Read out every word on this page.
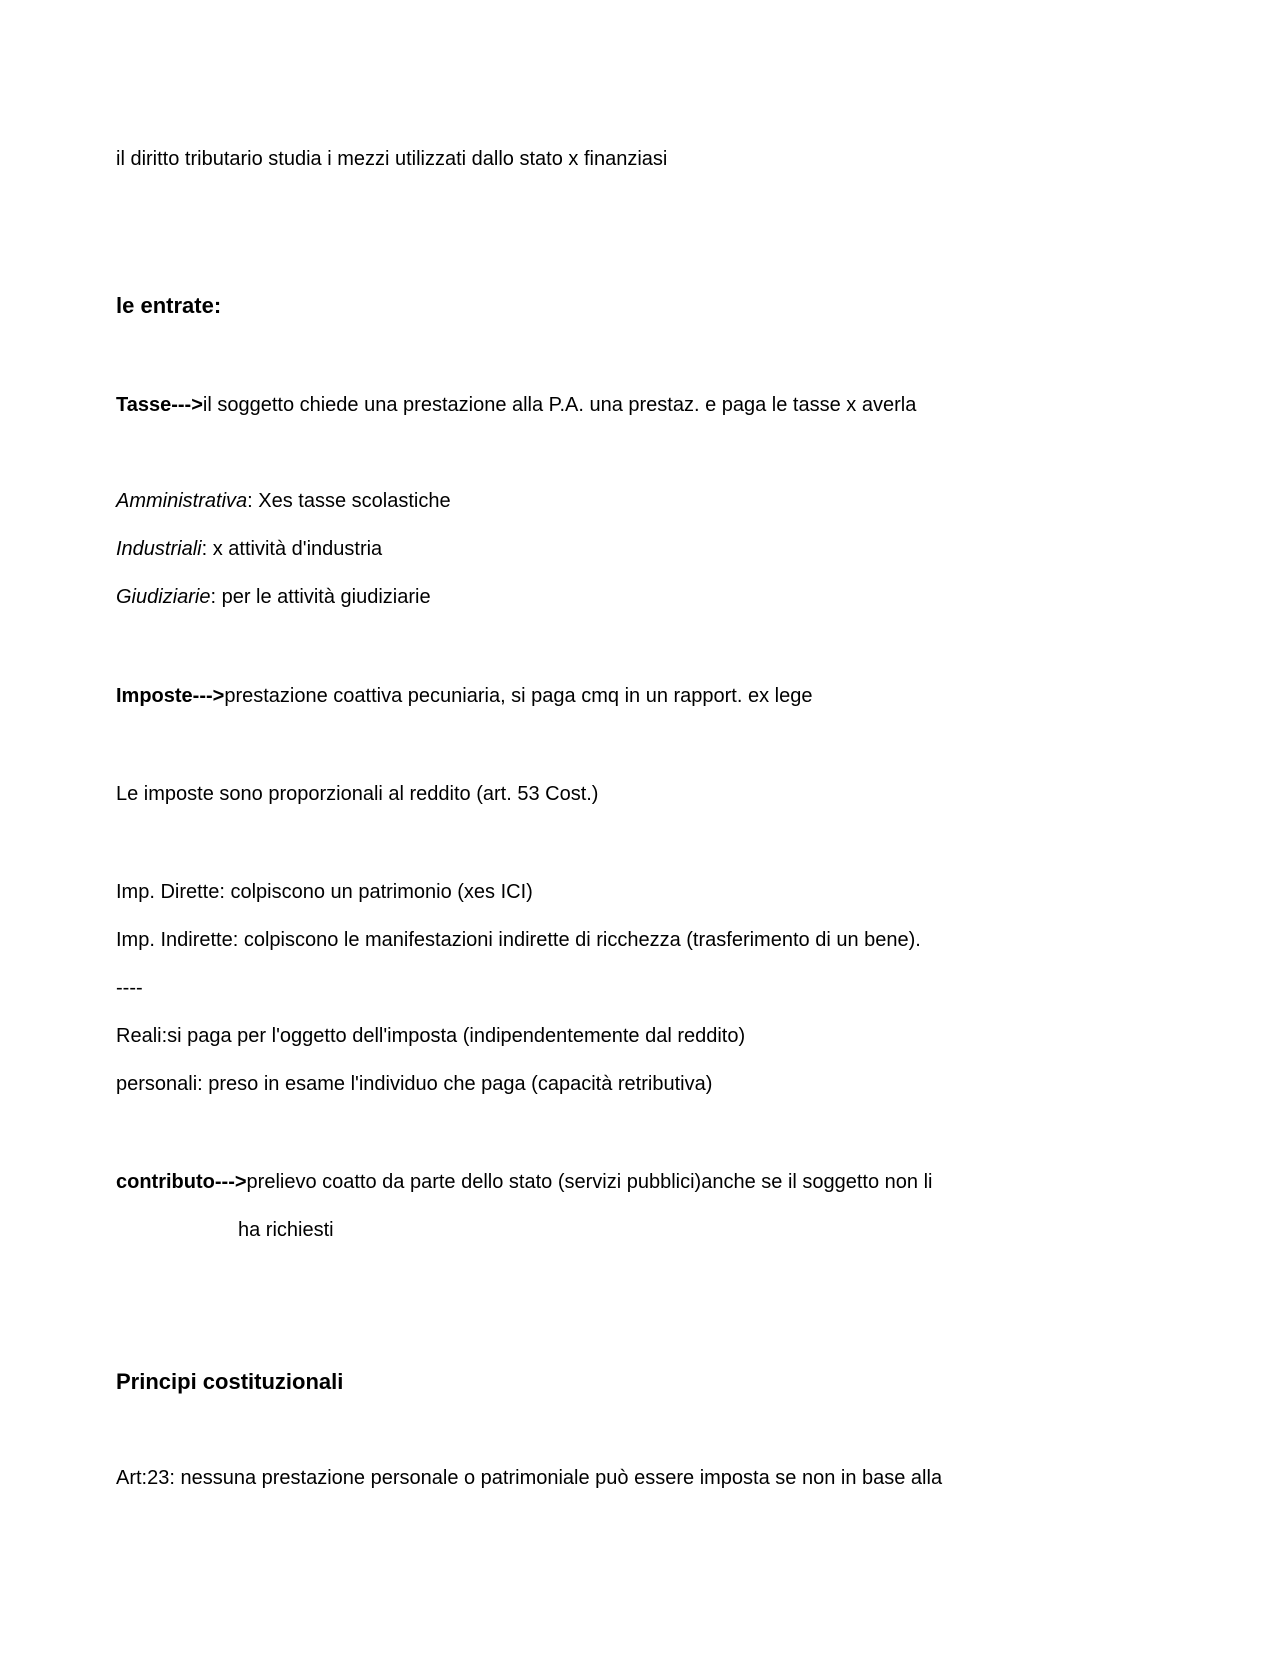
il diritto tributario studia i mezzi utilizzati dallo stato x finanziasi
le entrate:
Tasse--->il soggetto chiede una prestazione alla P.A. una prestaz. e paga le tasse x averla
Amministrativa: Xes tasse scolastiche
Industriali: x attività d'industria
Giudiziarie: per le attività giudiziarie
Imposte--->prestazione coattiva pecuniaria, si paga cmq in un rapport. ex lege
Le imposte sono proporzionali al reddito (art. 53 Cost.)
Imp. Dirette: colpiscono un patrimonio (xes ICI)
Imp. Indirette: colpiscono le manifestazioni indirette di ricchezza (trasferimento di un bene).
----
Reali:si paga per l'oggetto dell'imposta (indipendentemente dal reddito)
personali: preso in esame l'individuo che paga (capacità retributiva)
contributo--->prelievo coatto da parte dello stato (servizi pubblici)anche se il soggetto non li
ha richiesti
Principi costituzionali
Art:23: nessuna prestazione personale o patrimoniale può essere imposta se non in base alla
